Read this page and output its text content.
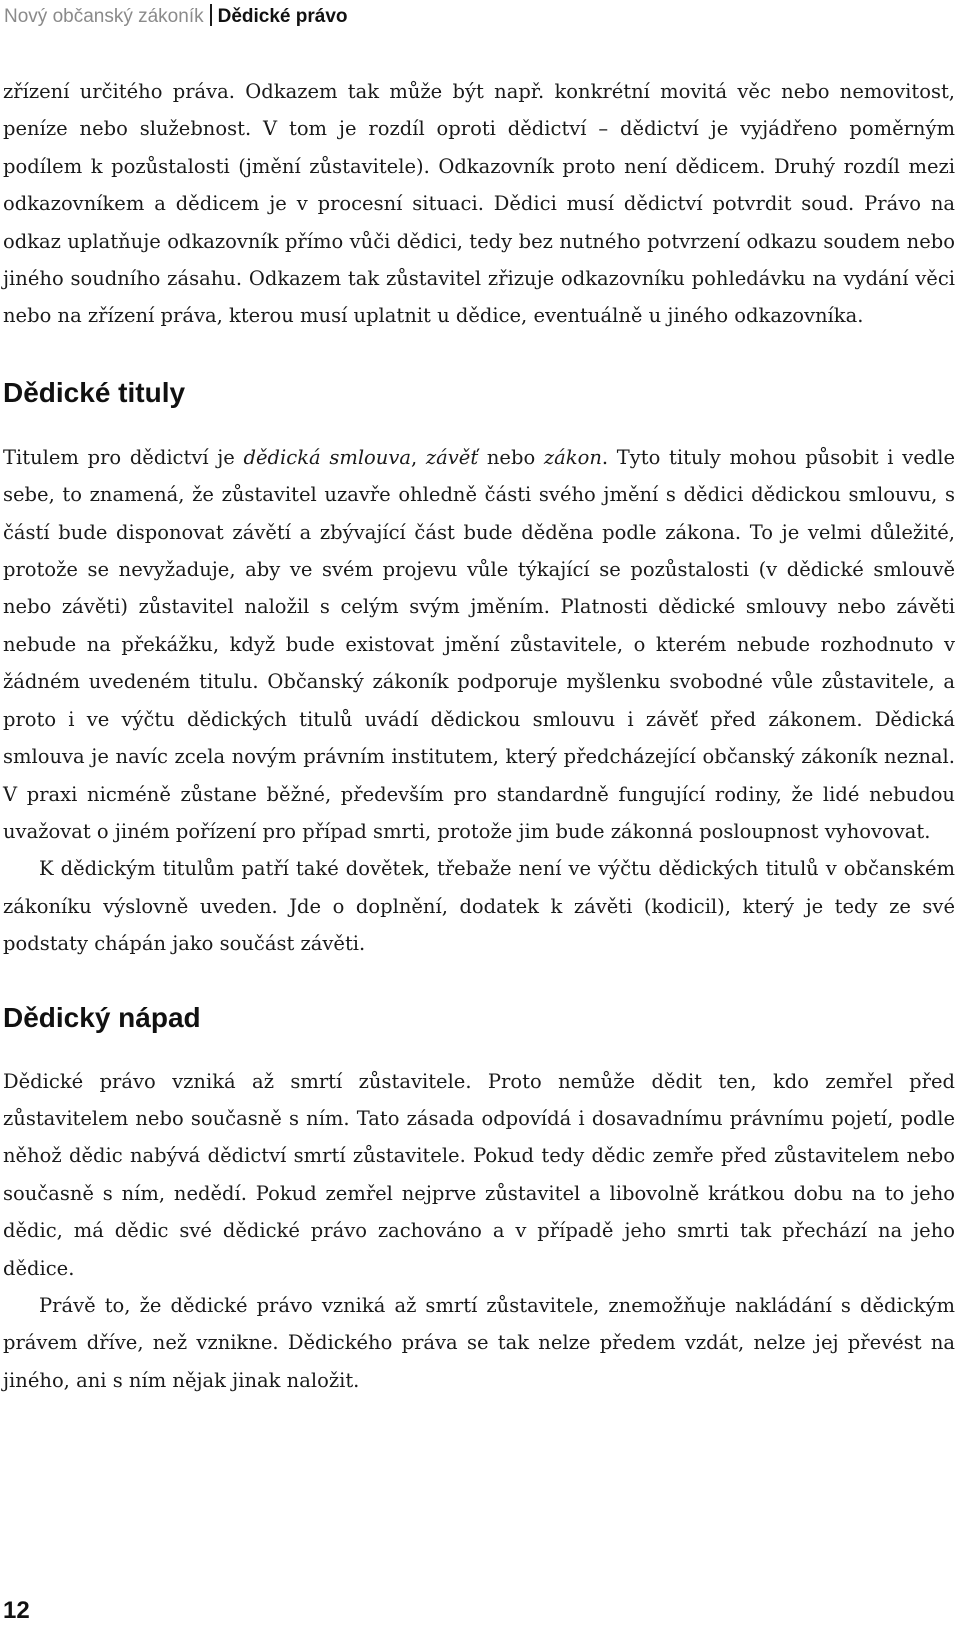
Nový občanský zákoník Dědické právo

zřízení určitého práva. Odkazem tak může být např. konkrétní movitá věc nebo nemovitost, peníze nebo služebnost. V tom je rozdíl oproti dědictví – dědictví je vyjádřeno poměrným podílem k pozůstalosti (jmění zůstavitele). Odkazovník proto není dědicem. Druhý rozdíl mezi odkazovníkem a dědicem je v procesní situaci. Dědici musí dědictví potvrdit soud. Právo na odkaz uplatňuje odkazovník přímo vůči dědici, tedy bez nutného potvrzení odkazu soudem nebo jiného soudního zásahu. Odkazem tak zůstavitel zřizuje odkazovníku pohledávku na vydání věci nebo na zřízení práva, kterou musí uplatnit u dědice, eventuálně u jiného odkazovníka.

Dědické tituly

Titulem pro dědictví je dědická smlouva, závěť nebo zákon. Tyto tituly mohou působit i vedle sebe, to znamená, že zůstavitel uzavře ohledně části svého jmění s dědici dědickou smlouvu, s částí bude disponovat závětí a zbývající část bude děděna podle zákona. To je velmi důležité, protože se nevyžaduje, aby ve svém projevu vůle týkající se pozůstalosti (v dědické smlouvě nebo závěti) zůstavitel naložil s celým svým jměním. Platnosti dědické smlouvy nebo závěti nebude na překážku, když bude existovat jmění zůstavitele, o kterém nebude rozhodnuto v žádném uvedeném titulu. Občanský zákoník podporuje myšlenku svobodné vůle zůstavitele, a proto i ve výčtu dědických titulů uvádí dědickou smlouvu i závěť před zákonem. Dědická smlouva je navíc zcela novým právním institutem, který předcházející občanský zákoník neznal. V praxi nicméně zůstane běžné, především pro standardně fungující rodiny, že lidé nebudou uvažovat o jiném pořízení pro případ smrti, protože jim bude zákonná posloupnost vyhovovat.

K dědickým titulům patří také dovětek, třebaže není ve výčtu dědických titulů v občanském zákoníku výslovně uveden. Jde o doplnění, dodatek k závěti (kodicil), který je tedy ze své podstaty chápán jako součást závěti.

Dědický nápad

Dědické právo vzniká až smrtí zůstavitele. Proto nemůže dědit ten, kdo zemřel před zůstavitelem nebo současně s ním. Tato zásada odpovídá i dosavadnímu právnímu pojetí, podle něhož dědic nabývá dědictví smrtí zůstavitele. Pokud tedy dědic zemře před zůstavitelem nebo současně s ním, nedědí. Pokud zemřel nejprve zůstavitel a libovolně krátkou dobu na to jeho dědic, má dědic své dědické právo zachováno a v případě jeho smrti tak přechází na jeho dědice.

Právě to, že dědické právo vzniká až smrtí zůstavitele, znemožňuje nakládání s dědickým právem dříve, než vznikne. Dědického práva se tak nelze předem vzdát, nelze jej převést na jiného, ani s ním nějak jinak naložit.

12
